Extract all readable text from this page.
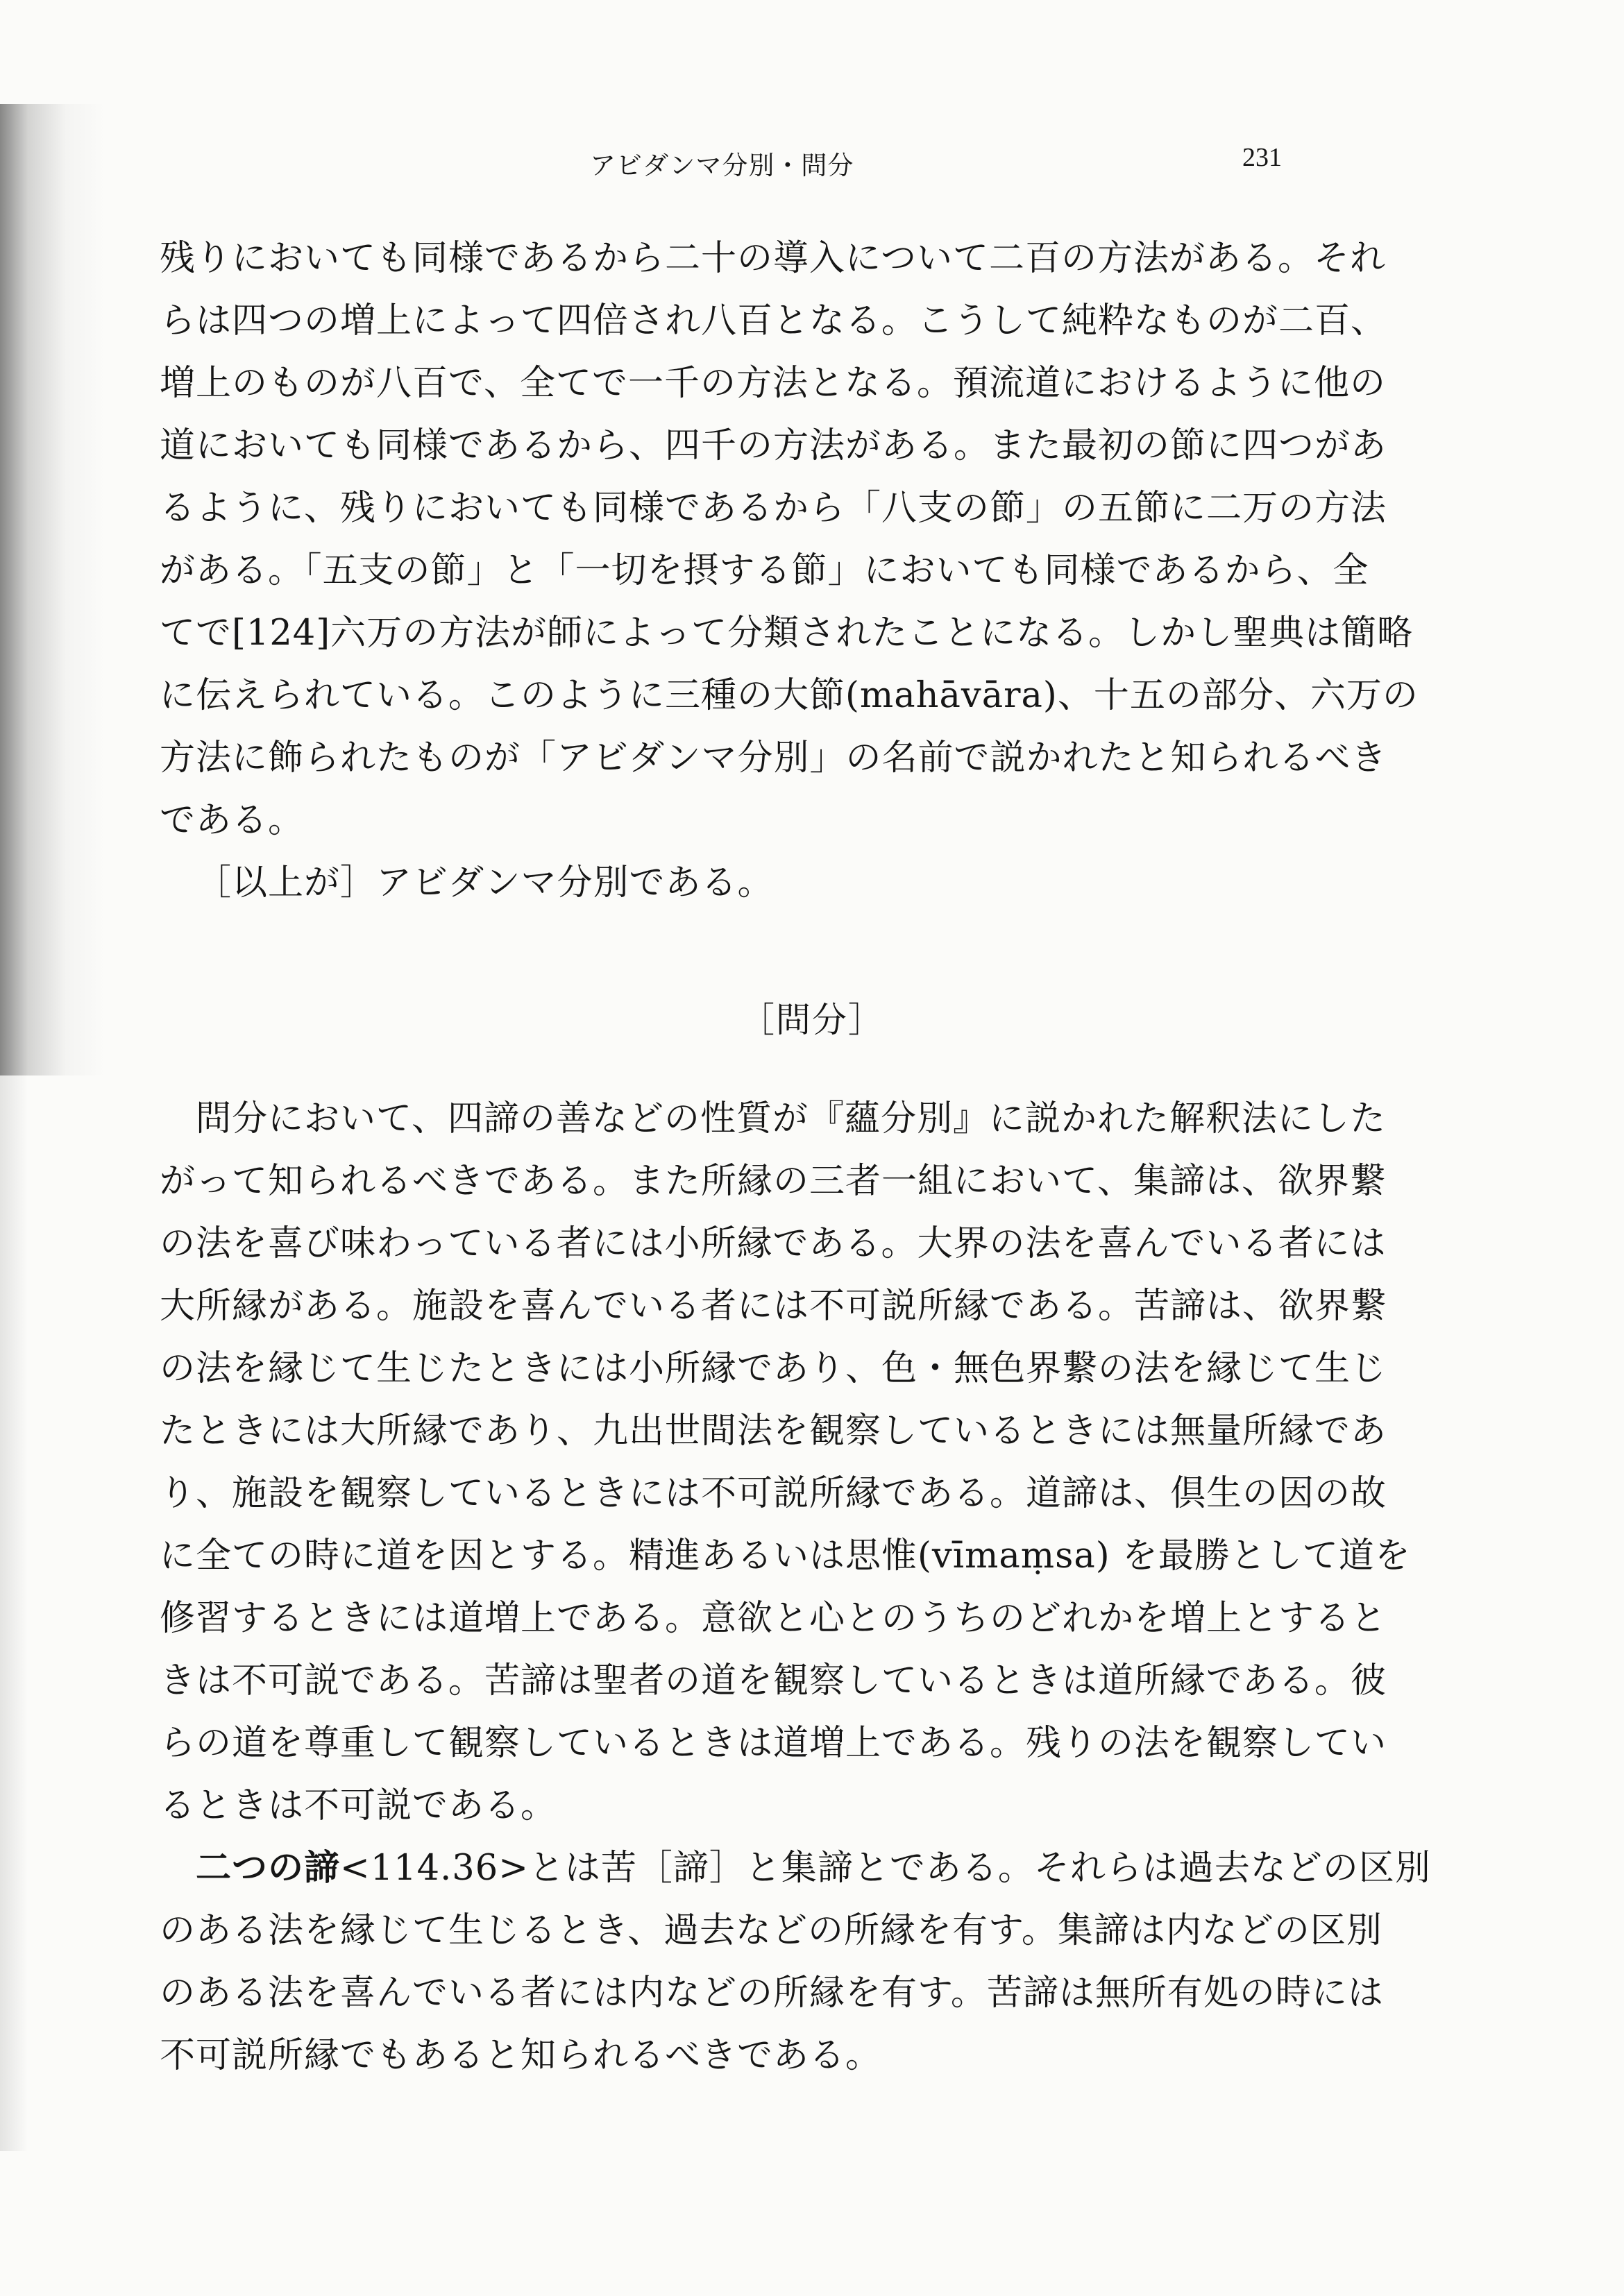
アビダンマ分別・問分	231
残りにおいても同様であるから二十の導入について二百の方法がある。それ
らは四つの増上によって四倍され八百となる。こうして純粋なものが二百、
増上のものが八百で、全てで一千の方法となる。預流道におけるように他の
道においても同様であるから、四千の方法がある。また最初の節に四つがあ
るように、残りにおいても同様であるから「八支の節」の五節に二万の方法
がある。「五支の節」と「一切を摂する節」においても同様であるから、全
てで[124]六万の方法が師によって分類されたことになる。しかし聖典は簡略
に伝えられている。このように三種の大節(mahāvāra)、十五の部分、六万の
方法に飾られたものが「アビダンマ分別」の名前で説かれたと知られるべき
である。
［以上が］アビダンマ分別である。
［問分］
問分において、四諦の善などの性質が『蘊分別』に説かれた解釈法にした
がって知られるべきである。また所縁の三者一組において、集諦は、欲界繋
の法を喜び味わっている者には小所縁である。大界の法を喜んでいる者には
大所縁がある。施設を喜んでいる者には不可説所縁である。苦諦は、欲界繋
の法を縁じて生じたときには小所縁であり、色・無色界繋の法を縁じて生じ
たときには大所縁であり、九出世間法を観察しているときには無量所縁であ
り、施設を観察しているときには不可説所縁である。道諦は、倶生の因の故
に全ての時に道を因とする。精進あるいは思惟(vīmaṃsa) を最勝として道を
修習するときには道増上である。意欲と心とのうちのどれかを増上とすると
きは不可説である。苦諦は聖者の道を観察しているときは道所縁である。彼
らの道を尊重して観察しているときは道増上である。残りの法を観察してい
るときは不可説である。
二つの諦<114.36>とは苦［諦］と集諦とである。それらは過去などの区別
のある法を縁じて生じるとき、過去などの所縁を有す。集諦は内などの区別
のある法を喜んでいる者には内などの所縁を有す。苦諦は無所有処の時には
不可説所縁でもあると知られるべきである。
